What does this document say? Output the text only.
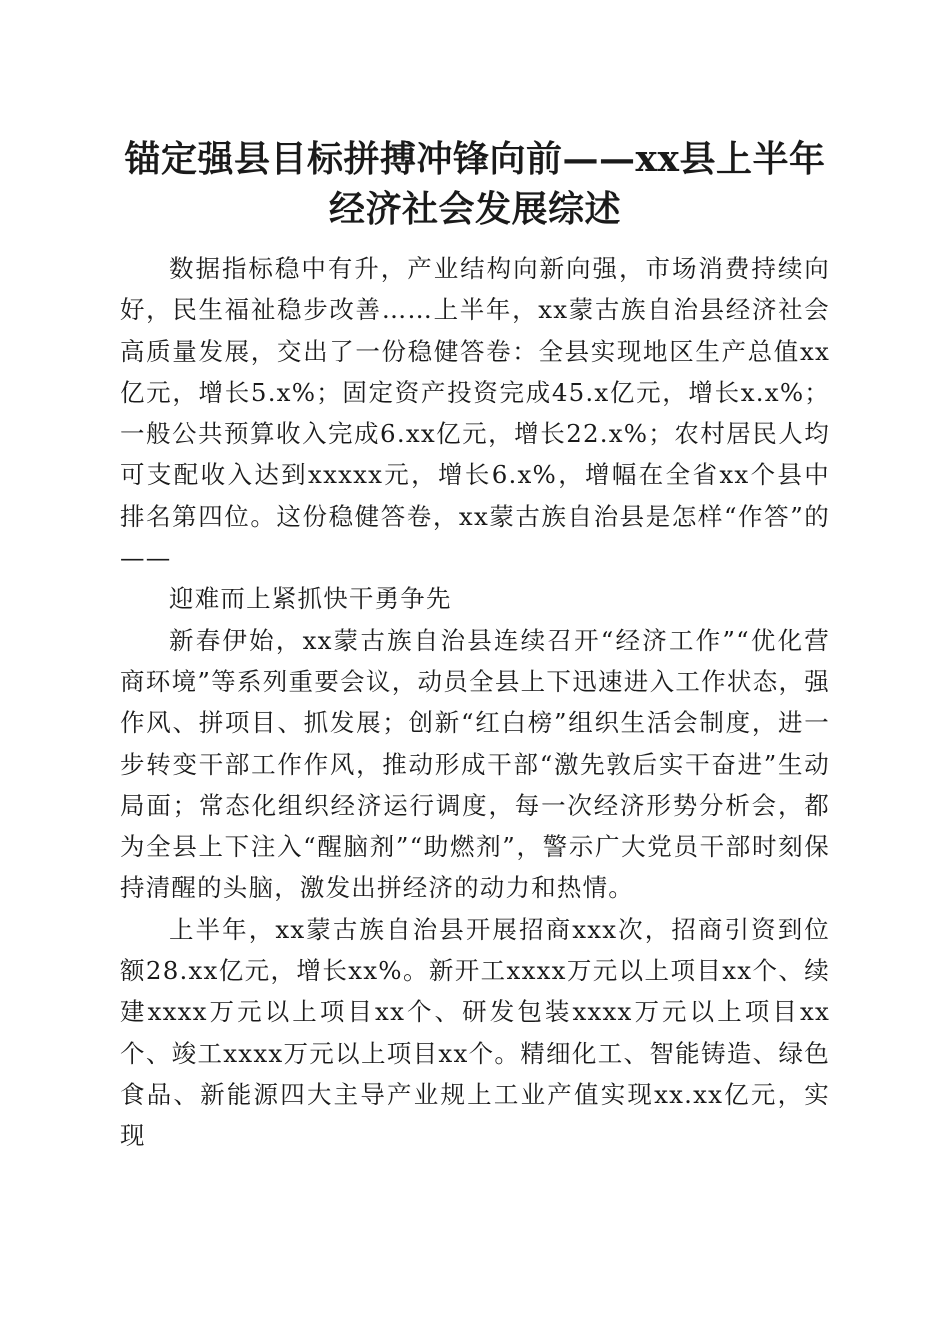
锚定强县目标拼搏冲锋向前——xx县上半年
经济社会发展综述

数据指标稳中有升，产业结构向新向强，市场消费持续向好，民生福祉稳步改善……上半年，xx蒙古族自治县经济社会高质量发展，交出了一份稳健答卷：全县实现地区生产总值xx亿元，增长5.x%；固定资产投资完成45.x亿元，增长x.x%；一般公共预算收入完成6.xx亿元，增长22.x%；农村居民人均可支配收入达到xxxxx元，增长6.x%，增幅在全省xx个县中排名第四位。这份稳健答卷，xx蒙古族自治县是怎样“作答”的——

迎难而上紧抓快干勇争先

新春伊始，xx蒙古族自治县连续召开“经济工作”“优化营商环境”等系列重要会议，动员全县上下迅速进入工作状态，强作风、拼项目、抓发展；创新“红白榜”组织生活会制度，进一步转变干部工作作风，推动形成干部“激先敦后实干奋进”生动局面；常态化组织经济运行调度，每一次经济形势分析会，都为全县上下注入“醒脑剂”“助燃剂”，警示广大党员干部时刻保持清醒的头脑，激发出拼经济的动力和热情。

上半年，xx蒙古族自治县开展招商xxx次，招商引资到位额28.xx亿元，增长xx%。新开工xxxx万元以上项目xx个、续建xxxx万元以上项目xx个、研发包装xxxx万元以上项目xx个、竣工xxxx万元以上项目xx个。精细化工、智能铸造、绿色食品、新能源四大主导产业规上工业产值实现xx.xx亿元，实现
